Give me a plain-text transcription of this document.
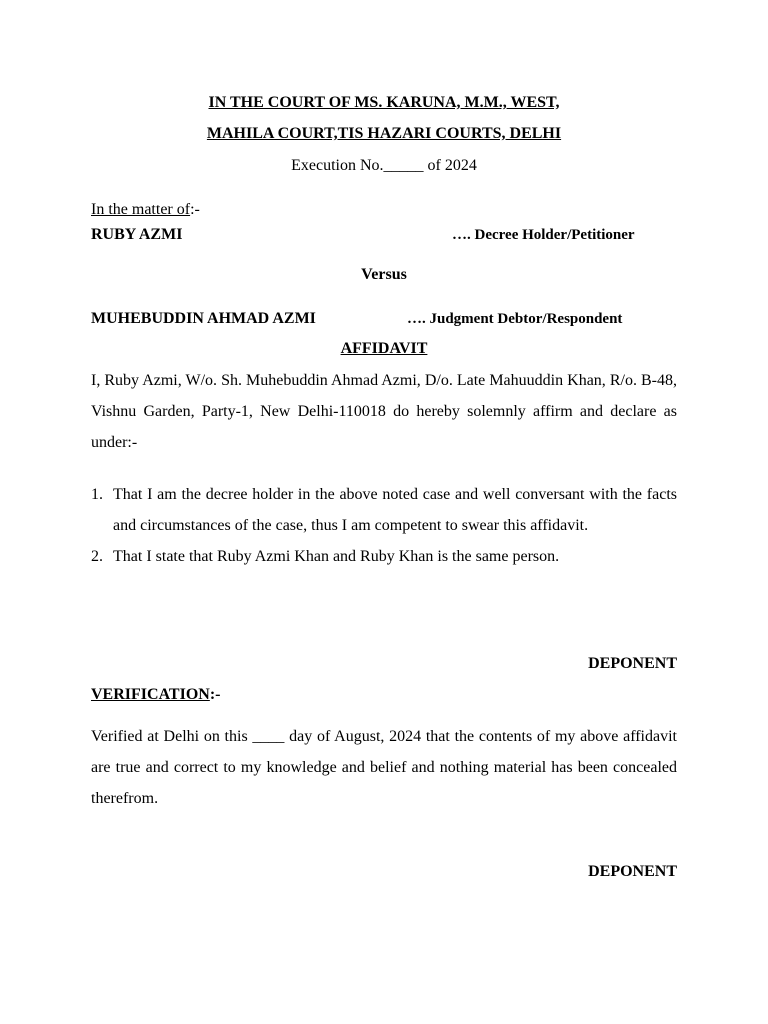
IN THE COURT OF MS. KARUNA, M.M., WEST,
MAHILA COURT,TIS HAZARI COURTS, DELHI
Execution No._____ of 2024
In the matter of:-
RUBY AZMI	…. Decree Holder/Petitioner
Versus
MUHEBUDDIN AHMAD AZMI	…. Judgment Debtor/Respondent
AFFIDAVIT
I, Ruby Azmi, W/o. Sh. Muhebuddin Ahmad Azmi, D/o. Late Mahuuddin Khan, R/o. B-48, Vishnu Garden, Party-1, New Delhi-110018 do hereby solemnly affirm and declare as under:-
1. That I am the decree holder in the above noted case and well conversant with the facts and circumstances of the case, thus I am competent to swear this affidavit.
2. That I state that Ruby Azmi Khan and Ruby Khan is the same person.
DEPONENT
VERIFICATION:-
Verified at Delhi on this ____ day of August, 2024 that the contents of my above affidavit are true and correct to my knowledge and belief and nothing material has been concealed therefrom.
DEPONENT
